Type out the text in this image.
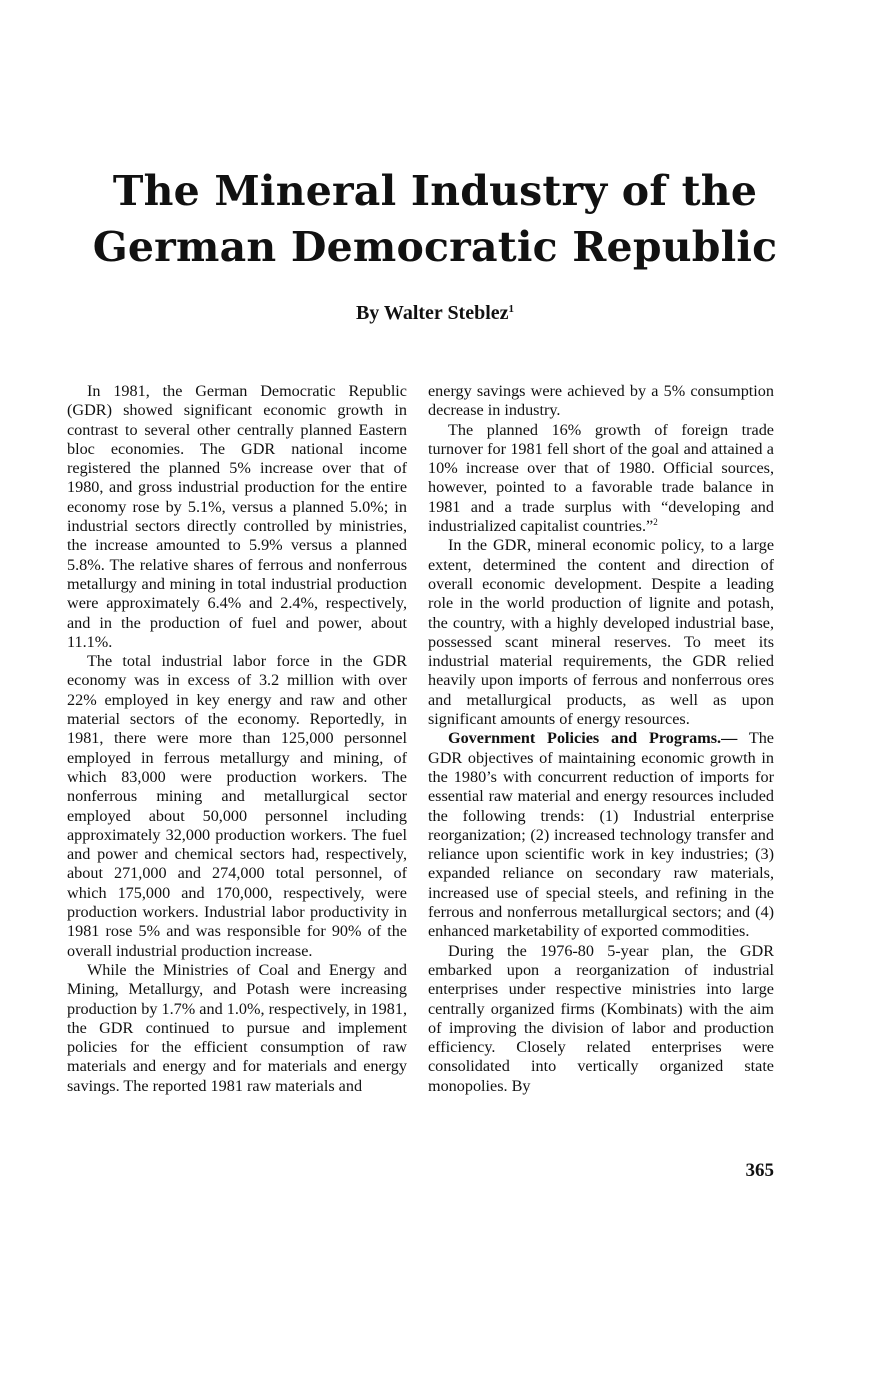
The Mineral Industry of the
German Democratic Republic
By Walter Steblez$^1$

In 1981, the German Democratic Republic (GDR) showed significant economic growth in contrast to several other centrally planned Eastern bloc economies. The GDR national income registered the planned 5% increase over that of 1980, and gross industrial production for the entire economy rose by 5.1%, versus a planned 5.0%; in industrial sectors directly controlled by ministries, the increase amounted to 5.9% versus a planned 5.8%. The relative shares of ferrous and nonferrous metallurgy and mining in total industrial production were approximately 6.4% and 2.4%, respectively, and in the production of fuel and power, about 11.1%.

The total industrial labor force in the GDR economy was in excess of 3.2 million with over 22% employed in key energy and raw and other material sectors of the economy. Reportedly, in 1981, there were more than 125,000 personnel employed in ferrous metallurgy and mining, of which 83,000 were production workers. The nonferrous mining and metallurgical sector employed about 50,000 personnel including approximately 32,000 production workers. The fuel and power and chemical sectors had, respectively, about 271,000 and 274,000 total personnel, of which 175,000 and 170,000, respectively, were production workers. Industrial labor productivity in 1981 rose 5% and was responsible for 90% of the overall industrial production increase.

While the Ministries of Coal and Energy and Mining, Metallurgy, and Potash were increasing production by 1.7% and 1.0%, respectively, in 1981, the GDR continued to pursue and implement policies for the efficient consumption of raw materials and energy and for materials and energy savings. The reported 1981 raw materials and

energy savings were achieved by a 5% consumption decrease in industry.

The planned 16% growth of foreign trade turnover for 1981 fell short of the goal and attained a 10% increase over that of 1980. Official sources, however, pointed to a favorable trade balance in 1981 and a trade surplus with “developing and industrialized capitalist countries.”$^2$

In the GDR, mineral economic policy, to a large extent, determined the content and direction of overall economic development. Despite a leading role in the world production of lignite and potash, the country, with a highly developed industrial base, possessed scant mineral reserves. To meet its industrial material requirements, the GDR relied heavily upon imports of ferrous and nonferrous ores and metallurgical products, as well as upon significant amounts of energy resources.

Government Policies and Programs.— The GDR objectives of maintaining economic growth in the 1980’s with concurrent reduction of imports for essential raw material and energy resources included the following trends: (1) Industrial enterprise reorganization; (2) increased technology transfer and reliance upon scientific work in key industries; (3) expanded reliance on secondary raw materials, increased use of special steels, and refining in the ferrous and nonferrous metallurgical sectors; and (4) enhanced marketability of exported commodities.

During the 1976-80 5-year plan, the GDR embarked upon a reorganization of industrial enterprises under respective ministries into large centrally organized firms (Kombinats) with the aim of improving the division of labor and production efficiency. Closely related enterprises were consolidated into vertically organized state monopolies. By

365
